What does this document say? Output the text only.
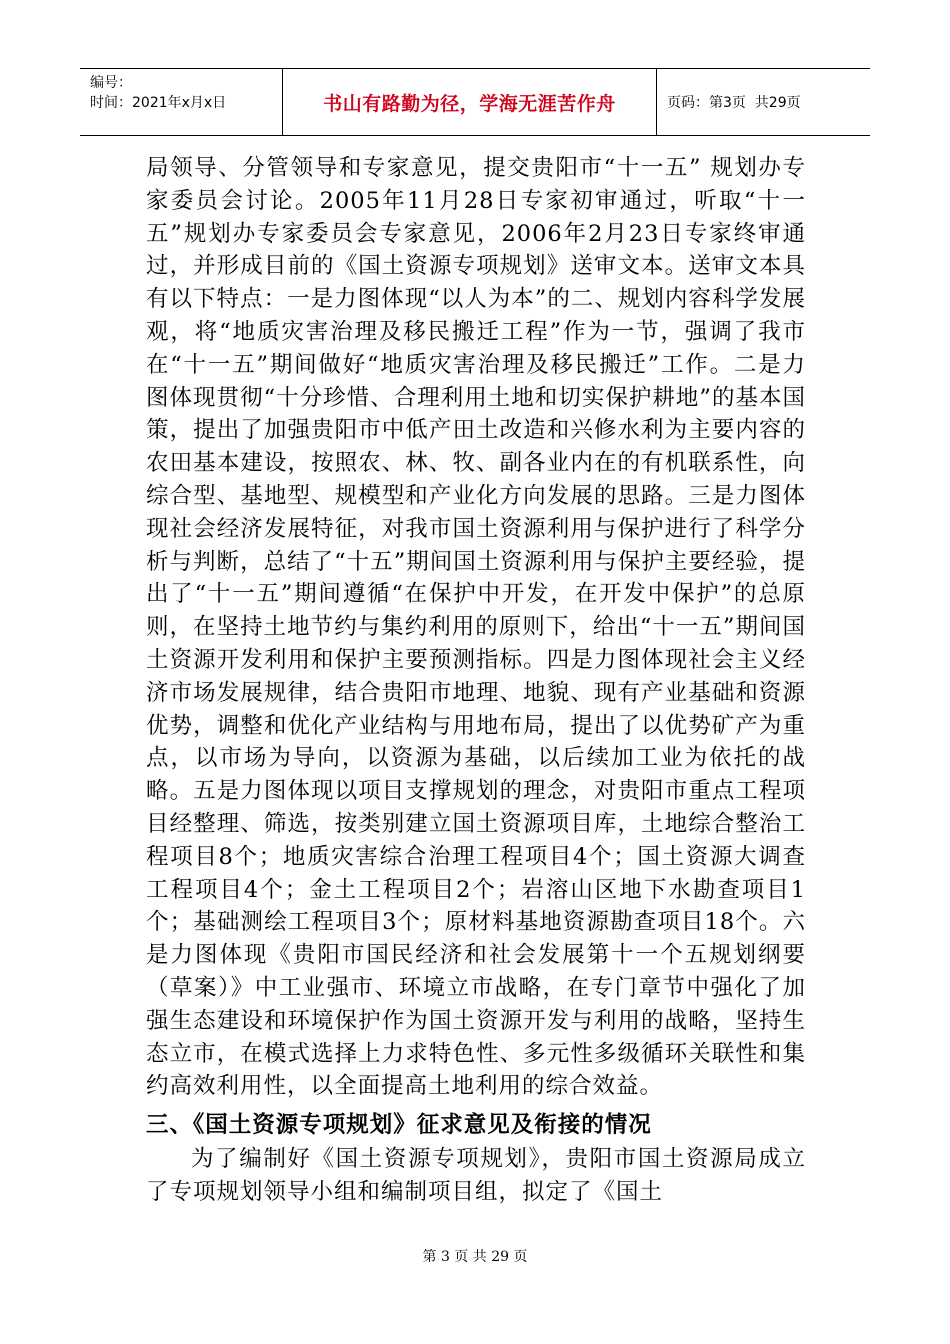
编号：
时间：2021年x月x日	书山有路勤为径，学海无涯苦作舟	页码：第3页  共29页

局领导、分管领导和专家意见，提交贵阳市“十一五” 规划办专家委员会讨论。2005年11月28日专家初审通过，听取“十一五”规划办专家委员会专家意见，2006年2月23日专家终审通过，并形成目前的《国土资源专项规划》送审文本。送审文本具有以下特点：一是力图体现“以人为本”的二、规划内容科学发展观，将“地质灾害治理及移民搬迁工程”作为一节，强调了我市在“十一五”期间做好“地质灾害治理及移民搬迁”工作。二是力图体现贯彻“十分珍惜、合理利用土地和切实保护耕地”的基本国策，提出了加强贵阳市中低产田土改造和兴修水利为主要内容的农田基本建设，按照农、林、牧、副各业内在的有机联系性，向综合型、基地型、规模型和产业化方向发展的思路。三是力图体现社会经济发展特征，对我市国土资源利用与保护进行了科学分析与判断，总结了“十五”期间国土资源利用与保护主要经验，提出了“十一五”期间遵循“在保护中开发，在开发中保护”的总原则，在坚持土地节约与集约利用的原则下，给出“十一五”期间国土资源开发利用和保护主要预测指标。四是力图体现社会主义经济市场发展规律，结合贵阳市地理、地貌、现有产业基础和资源优势，调整和优化产业结构与用地布局，提出了以优势矿产为重点，以市场为导向，以资源为基础，以后续加工业为依托的战略。五是力图体现以项目支撑规划的理念，对贵阳市重点工程项目经整理、筛选，按类别建立国土资源项目库，土地综合整治工程项目8个；地质灾害综合治理工程项目4个；国土资源大调查工程项目4个；金土工程项目2个；岩溶山区地下水勘查项目1个；基础测绘工程项目3个；原材料基地资源勘查项目18个。六是力图体现《贵阳市国民经济和社会发展第十一个五规划纲要（草案）》中工业强市、环境立市战略，在专门章节中强化了加强生态建设和环境保护作为国土资源开发与利用的战略，坚持生态立市，在模式选择上力求特色性、多元性多级循环关联性和集约高效利用性，以全面提高土地利用的综合效益。

三、《国土资源专项规划》征求意见及衔接的情况

为了编制好《国土资源专项规划》，贵阳市国土资源局成立了专项规划领导小组和编制项目组，拟定了《国土

第 3 页 共 29 页
